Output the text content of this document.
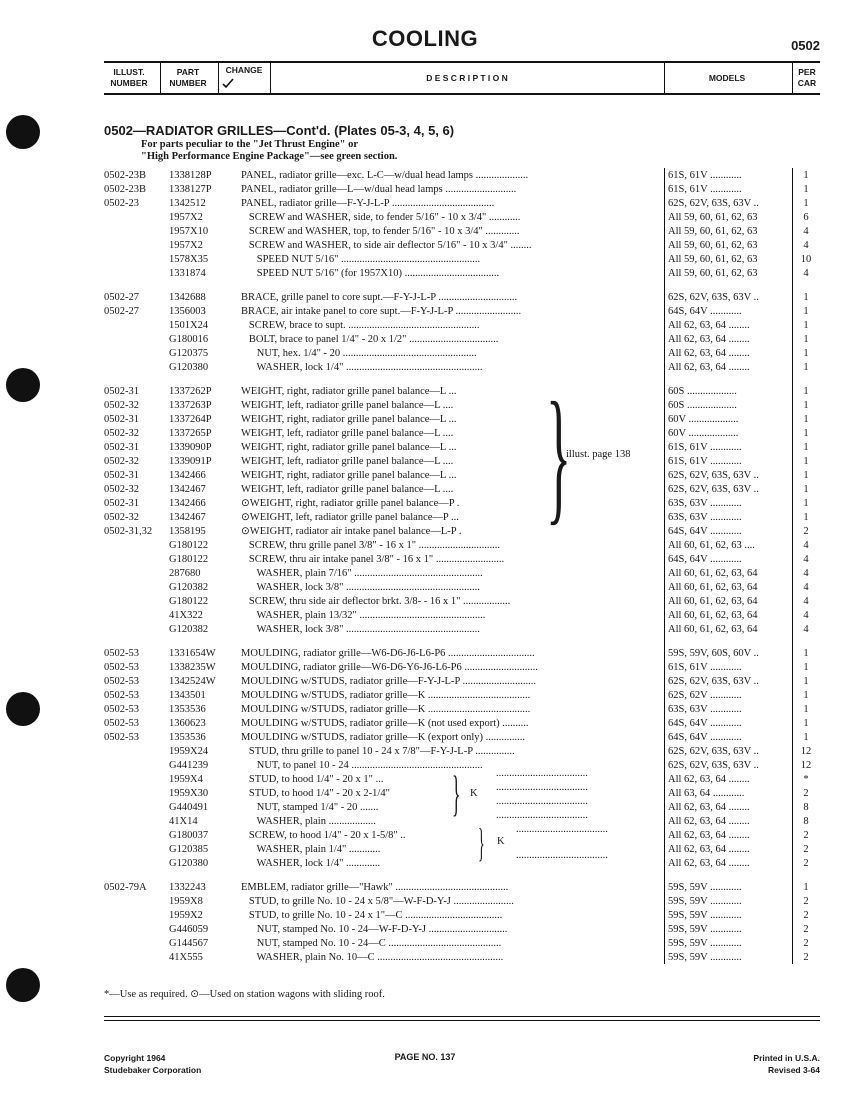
COOLING	0502
ILLUST.
NUMBER
PART
NUMBER
CHANGE
D E S C R I P T I O N	MODELS
PER
CAR
0502—RADIATOR GRILLES—Cont'd. (Plates 05-3, 4, 5, 6)
For parts peculiar to the "Jet Thrust Engine" or
"High Performance Engine Package"—see green section.
0502-23B	1338128P	PANEL, radiator grille—exc. L-C—w/dual head lamps ....................	61S, 61V ............	1
0502-23B	1338127P	PANEL, radiator grille—L—w/dual head lamps ...........................	61S, 61V ............	1
0502-23	1342512	PANEL, radiator grille—F-Y-J-L-P .......................................	62S, 62V, 63S, 63V ..	1
1957X2	SCREW and WASHER, side, to fender 5/16" - 10 x 3/4" ............	All 59, 60, 61, 62, 63	6
1957X10	SCREW and WASHER, top, to fender 5/16" - 10 x 3/4" .............	All 59, 60, 61, 62, 63	4
1957X2	SCREW and WASHER, to side air deflector 5/16" - 10 x 3/4" ........	All 59, 60, 61, 62, 63	4
1578X35	SPEED NUT 5/16" .....................................................	All 59, 60, 61, 62, 63	10
1331874	SPEED NUT 5/16" (for 1957X10) ....................................	All 59, 60, 61, 62, 63	4
0502-27	1342688	BRACE, grille panel to core supt.—F-Y-J-L-P ..............................	62S, 62V, 63S, 63V ..	1
0502-27	1356003	BRACE, air intake panel to core supt.—F-Y-J-L-P .........................	64S, 64V ............	1
1501X24	SCREW, brace to supt. ..................................................	All 62, 63, 64 ........	1
G180016	BOLT, brace to panel 1/4" - 20 x 1/2" ..................................	All 62, 63, 64 ........	1
G120375	NUT, hex. 1/4" - 20 ...................................................	All 62, 63, 64 ........	1
G120380	WASHER, lock 1/4" ....................................................	All 62, 63, 64 ........	1
0502-31	1337262P	WEIGHT, right, radiator grille panel balance—L ...	60S ...................	1
0502-32	1337263P	WEIGHT, left, radiator grille panel balance—L ....	60S ...................	1
0502-31	1337264P	WEIGHT, right, radiator grille panel balance—L ...	60V ...................	1
0502-32	1337265P	WEIGHT, left, radiator grille panel balance—L ....	60V ...................	1
0502-31	1339090P	WEIGHT, right, radiator grille panel balance—L ...	61S, 61V ............	1
0502-32	1339091P	WEIGHT, left, radiator grille panel balance—L ....	61S, 61V ............	1
0502-31	1342466	WEIGHT, right, radiator grille panel balance—L ...	62S, 62V, 63S, 63V ..	1
0502-32	1342467	WEIGHT, left, radiator grille panel balance—L ....	62S, 62V, 63S, 63V ..	1
0502-31	1342466	⊙WEIGHT, right, radiator grille panel balance—P .	63S, 63V ............	1
0502-32	1342467	⊙WEIGHT, left, radiator grille panel balance—P ...	63S, 63V ............	1
0502-31,32	1358195	⊙WEIGHT, radiator air intake panel balance—L-P .	64S, 64V ............	2
G180122	SCREW, thru grille panel 3/8" - 16 x 1" ...............................	All 60, 61, 62, 63 ....	4
G180122	SCREW, thru air intake panel 3/8" - 16 x 1" ..........................	64S, 64V ............	4
287680	WASHER, plain 7/16" .................................................	All 60, 61, 62, 63, 64	4
G120382	WASHER, lock 3/8" ...................................................	All 60, 61, 62, 63, 64	4
G180122	SCREW, thru side air deflector brkt. 3/8- - 16 x 1" ..................	All 60, 61, 62, 63, 64	4
41X322	WASHER, plain 13/32" ................................................	All 60, 61, 62, 63, 64	4
G120382	WASHER, lock 3/8" ...................................................	All 60, 61, 62, 63, 64	4
0502-53	1331654W	MOULDING, radiator grille—W6-D6-J6-L6-P6 .................................	59S, 59V, 60S, 60V ..	1
0502-53	1338235W	MOULDING, radiator grille—W6-D6-Y6-J6-L6-P6 ............................	61S, 61V ............	1
0502-53	1342524W	MOULDING w/STUDS, radiator grille—F-Y-J-L-P ............................	62S, 62V, 63S, 63V ..	1
0502-53	1343501	MOULDING w/STUDS, radiator grille—K .......................................	62S, 62V ............	1
0502-53	1353536	MOULDING w/STUDS, radiator grille—K .......................................	63S, 63V ............	1
0502-53	1360623	MOULDING w/STUDS, radiator grille—K (not used export) ..........	64S, 64V ............	1
0502-53	1353536	MOULDING w/STUDS, radiator grille—K (export only) ...............	64S, 64V ............	1
1959X24	STUD, thru grille to panel 10 - 24 x 7/8"—F-Y-J-L-P ...............	62S, 62V, 63S, 63V ..	12
G441239	NUT, to panel 10 - 24 ..................................................	62S, 62V, 63S, 63V ..	12
1959X4	STUD, to hood 1/4" - 20 x 1" ...	All 62, 63, 64 ........	*
1959X30	STUD, to hood 1/4" - 20 x 2-1/4"	All 63, 64 ............	2
G440491	NUT, stamped 1/4" - 20 .......	All 62, 63, 64 ........	8
41X14	WASHER, plain ..................	All 62, 63, 64 ........	8
G180037	SCREW, to hood 1/4" - 20 x 1-5/8" ..	All 62, 63, 64 ........	2
G120385	WASHER, plain 1/4" ............	All 62, 63, 64 ........	2
G120380	WASHER, lock 1/4" .............	All 62, 63, 64 ........	2
0502-79A	1332243	EMBLEM, radiator grille—"Hawk" ...........................................	59S, 59V ............	1
1959X8	STUD, to grille No. 10 - 24 x 5/8"—W-F-D-Y-J .......................	59S, 59V ............	2
1959X2	STUD, to grille No. 10 - 24 x 1"—C .....................................	59S, 59V ............	2
G446059	NUT, stamped No. 10 - 24—W-F-D-Y-J ..............................	59S, 59V ............	2
G144567	NUT, stamped No. 10 - 24—C ...........................................	59S, 59V ............	2
41X555	WASHER, plain No. 10—C ................................................	59S, 59V ............	2
}
illust. page 138
} K
} K
...................................
...................................
...................................
...................................
...................................
...................................
*—Use as required. ⊙—Used on station wagons with sliding roof.
Copyright 1964
Studebaker Corporation
PAGE NO. 137	Printed in U.S.A.
Revised 3-64
